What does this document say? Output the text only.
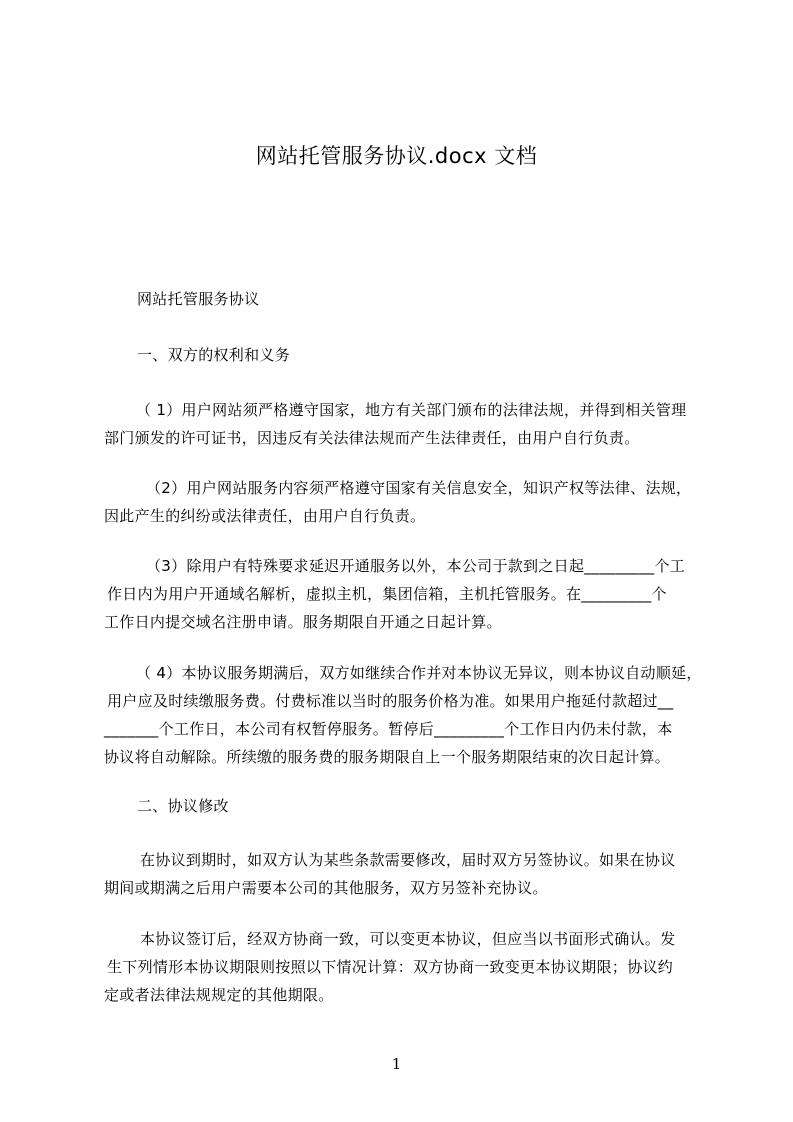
网站托管服务协议.docx 文档
网站托管服务协议
一、双方的权利和义务
（ 1）用户网站须严格遵守国家，地方有关部门颁布的法律法规，并得到相关管理
部门颁发的许可证书，因违反有关法律法规而产生法律责任，由用户自行负责。
（2）用户网站服务内容须严格遵守国家有关信息安全，知识产权等法律、法规，
因此产生的纠纷或法律责任，由用户自行负责。
（3）除用户有特殊要求延迟开通服务以外，本公司于款到之日起_________个工
作日内为用户开通域名解析，虚拟主机，集团信箱，主机托管服务。在_________个
工作日内提交域名注册申请。服务期限自开通之日起计算。
（ 4）本协议服务期满后，双方如继续合作并对本协议无异议，则本协议自动顺延，
用户应及时续缴服务费。付费标准以当时的服务价格为准。如果用户拖延付款超过__
_______个工作日，本公司有权暂停服务。暂停后_________个工作日内仍未付款，本
协议将自动解除。所续缴的服务费的服务期限自上一个服务期限结束的次日起计算。
二、协议修改
在协议到期时，如双方认为某些条款需要修改，届时双方另签协议。如果在协议
期间或期满之后用户需要本公司的其他服务，双方另签补充协议。
本协议签订后，经双方协商一致，可以变更本协议，但应当以书面形式确认。发
生下列情形本协议期限则按照以下情况计算：双方协商一致变更本协议期限；协议约
定或者法律法规规定的其他期限。
1
